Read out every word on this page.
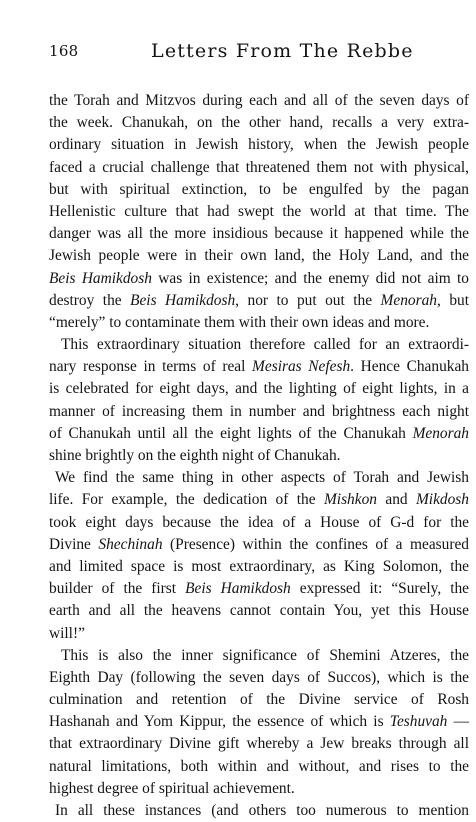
168	Letters From The Rebbe
the Torah and Mitzvos during each and all of the seven days of
the week. Chanukah, on the other hand, recalls a very extra-
ordinary situation in Jewish history, when the Jewish people
faced a crucial challenge that threatened them not with physical,
but with spiritual extinction, to be engulfed by the pagan
Hellenistic culture that had swept the world at that time. The
danger was all the more insidious because it happened while the
Jewish people were in their own land, the Holy Land, and the
Beis Hamikdosh was in existence; and the enemy did not aim to
destroy the Beis Hamikdosh, nor to put out the Menorah, but
“merely” to contaminate them with their own ideas and more.
This extraordinary situation therefore called for an extraordi-
nary response in terms of real Mesiras Nefesh. Hence Chanukah
is celebrated for eight days, and the lighting of eight lights, in a
manner of increasing them in number and brightness each night
of Chanukah until all the eight lights of the Chanukah Menorah
shine brightly on the eighth night of Chanukah.
We find the same thing in other aspects of Torah and Jewish
life. For example, the dedication of the Mishkon and Mikdosh
took eight days because the idea of a House of G-d for the
Divine Shechinah (Presence) within the confines of a measured
and limited space is most extraordinary, as King Solomon, the
builder of the first Beis Hamikdosh expressed it: “Surely, the
earth and all the heavens cannot contain You, yet this House
will!”
This is also the inner significance of Shemini Atzeres, the
Eighth Day (following the seven days of Succos), which is the
culmination and retention of the Divine service of Rosh
Hashanah and Yom Kippur, the essence of which is Teshuvah —
that extraordinary Divine gift whereby a Jew breaks through all
natural limitations, both within and without, and rises to the
highest degree of spiritual achievement.
In all these instances (and others too numerous to mention
